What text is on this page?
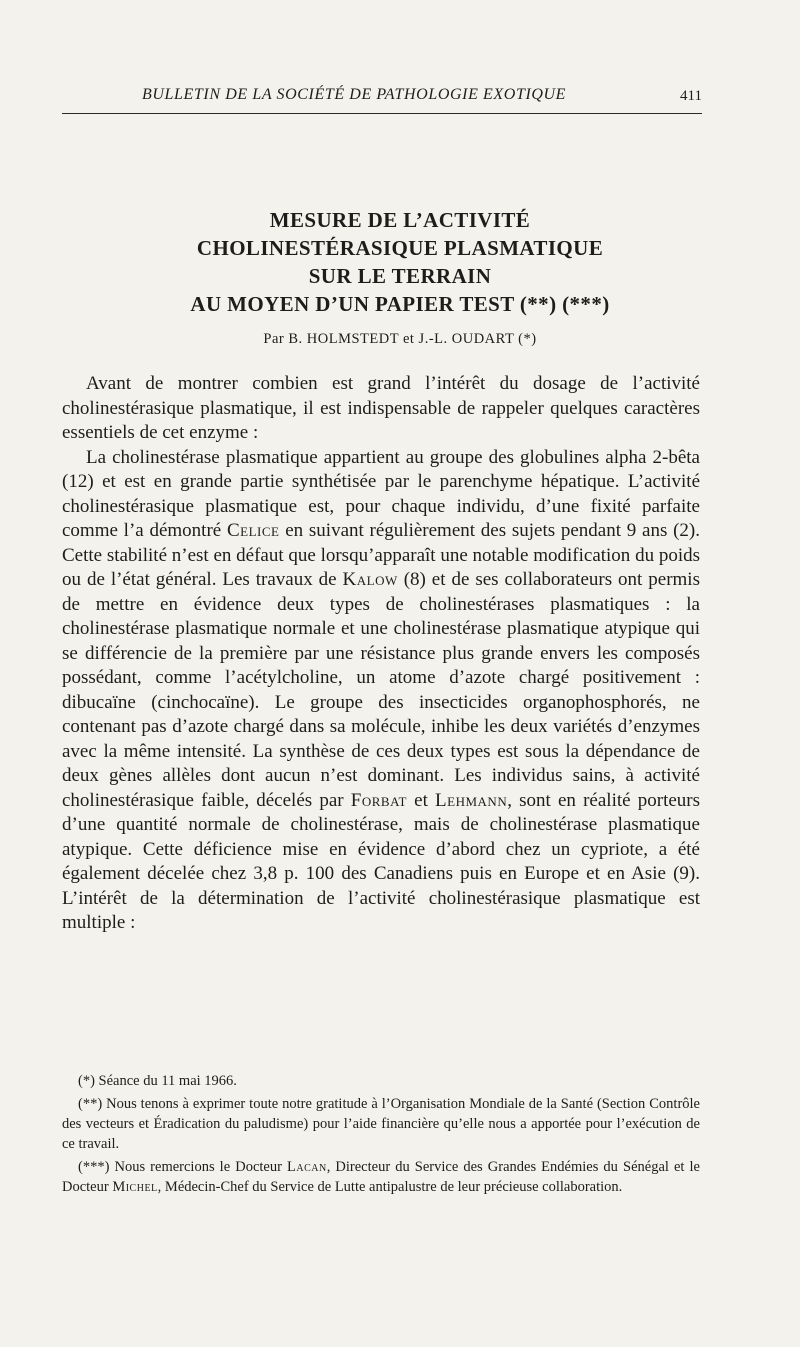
BULLETIN DE LA SOCIÉTÉ DE PATHOLOGIE EXOTIQUE	411
MESURE DE L’ACTIVITÉ
CHOLINESTÉRASIQUE PLASMATIQUE
SUR LE TERRAIN
AU MOYEN D’UN PAPIER TEST (**) (***)
Par B. HOLMSTEDT et J.-L. OUDART (*)

Avant de montrer combien est grand l’intérêt du dosage de l’activité cholinestérasique plasmatique, il est indispensable de rappeler quelques caractères essentiels de cet enzyme :

La cholinestérase plasmatique appartient au groupe des globulines alpha 2-bêta (12) et est en grande partie synthétisée par le parenchyme hépatique. L’activité cholinestérasique plasmatique est, pour chaque individu, d’une fixité parfaite comme l’a démontré Celice en suivant régulièrement des sujets pendant 9 ans (2). Cette stabilité n’est en défaut que lorsqu’apparaît une notable modification du poids ou de l’état général. Les travaux de Kalow (8) et de ses collaborateurs ont permis de mettre en évidence deux types de cholinestérases plasmatiques : la cholinestérase plasmatique normale et une cholinestérase plasmatique atypique qui se différencie de la première par une résistance plus grande envers les composés possédant, comme l’acétylcholine, un atome d’azote chargé positivement : dibucaïne (cinchocaïne). Le groupe des insecticides organophosphorés, ne contenant pas d’azote chargé dans sa molécule, inhibe les deux variétés d’enzymes avec la même intensité. La synthèse de ces deux types est sous la dépendance de deux gènes allèles dont aucun n’est dominant. Les individus sains, à activité cholinestérasique faible, décelés par Forbat et Lehmann, sont en réalité porteurs d’une quantité normale de cholinestérase, mais de cholinestérase plasmatique atypique. Cette déficience mise en évidence d’abord chez un cypriote, a été également décelée chez 3,8 p. 100 des Canadiens puis en Europe et en Asie (9). L’intérêt de la détermination de l’activité cholinestérasique plasmatique est multiple :

(*) Séance du 11 mai 1966.

(**) Nous tenons à exprimer toute notre gratitude à l’Organisation Mondiale de la Santé (Section Contrôle des vecteurs et Éradication du paludisme) pour l’aide financière qu’elle nous a apportée pour l’exécution de ce travail.

(***) Nous remercions le Docteur Lacan, Directeur du Service des Grandes Endémies du Sénégal et le Docteur Michel, Médecin-Chef du Service de Lutte antipalustre de leur précieuse collaboration.
